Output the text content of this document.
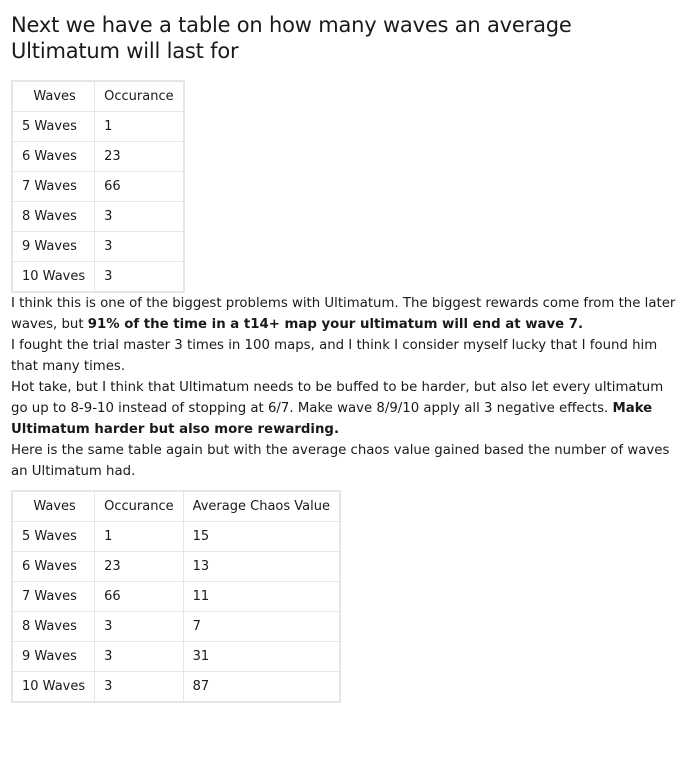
Next we have a table on how many waves an average Ultimatum will last for
Waves	Occurance
5 Waves	1
6 Waves	23
7 Waves	66
8 Waves	3
9 Waves	3
10 Waves	3

I think this is one of the biggest problems with Ultimatum. The biggest rewards come from the later waves, but 91% of the time in a t14+ map your ultimatum will end at wave 7.
I fought the trial master 3 times in 100 maps, and I think I consider myself lucky that I found him that many times.

Hot take, but I think that Ultimatum needs to be buffed to be harder, but also let every ultimatum go up to 8-9-10 instead of stopping at 6/7. Make wave 8/9/10 apply all 3 negative effects. Make Ultimatum harder but also more rewarding.

Here is the same table again but with the average chaos value gained based the number of waves an Ultimatum had.

Waves	Occurance	Average Chaos Value
5 Waves	1	15
6 Waves	23	13
7 Waves	66	11
8 Waves	3	7
9 Waves	3	31
10 Waves	3	87
